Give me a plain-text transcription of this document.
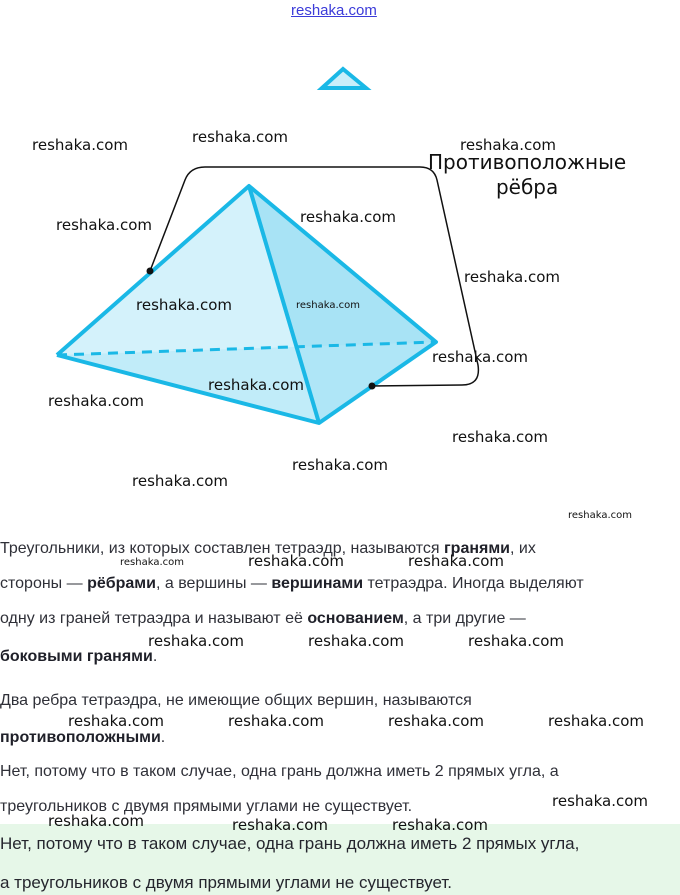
reshaka.com
Противоположные
рёбра
Треугольники, из которых составлен тетраэдр, называются гранями, их
стороны — рёбрами, а вершины — вершинами тетраэдра. Иногда выделяют
одну из граней тетраэдра и называют её основанием, а три другие —
боковыми гранями.
Два ребра тетраэдра, не имеющие общих вершин, называются
противоположными.
Нет, потому что в таком случае, одна грань должна иметь 2 прямых угла, а
треугольников с двумя прямыми углами не существует.
Нет, потому что в таком случае, одна грань должна иметь 2 прямых угла,
а треугольников с двумя прямыми углами не существует.
reshaka.com	reshaka.com	reshaka.com
reshaka.com	reshaka.com
reshaka.com
reshaka.com	reshaka.com
reshaka.com
reshaka.com
reshaka.com
reshaka.com
reshaka.com
reshaka.com
reshaka.com
reshaka.com	reshaka.com	reshaka.com
reshaka.com	reshaka.com	reshaka.com
reshaka.com	reshaka.com	reshaka.com	reshaka.com
reshaka.com
reshaka.com	reshaka.com	reshaka.com
